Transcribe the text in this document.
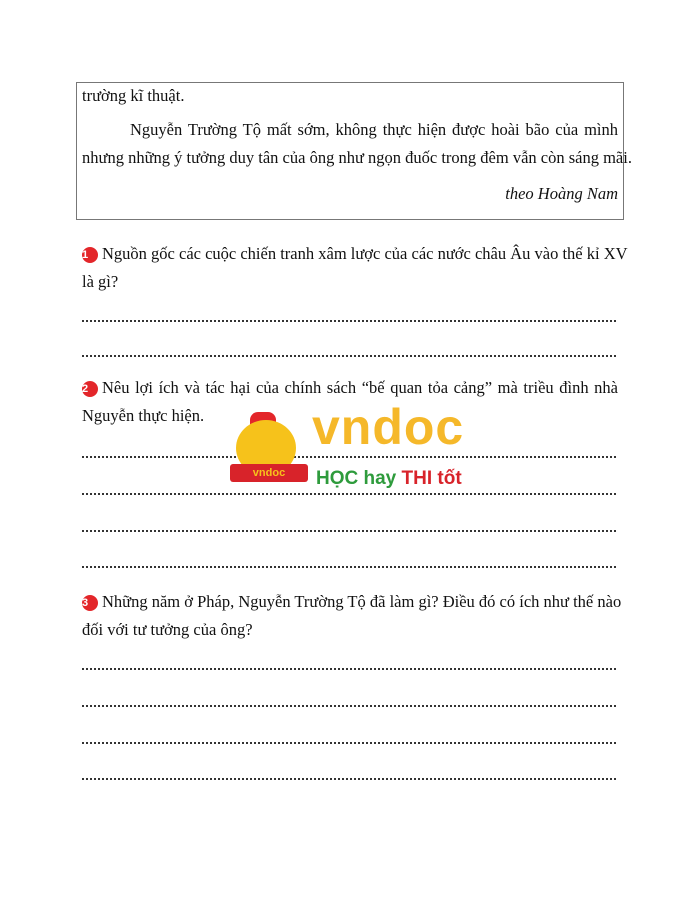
trường kĩ thuật.
Nguyễn Trường Tộ mất sớm, không thực hiện được hoài bão của mình
nhưng những ý tưởng duy tân của ông như ngọn đuốc trong đêm vẫn còn sáng mãi.
theo Hoàng Nam
1 Nguồn gốc các cuộc chiến tranh xâm lược của các nước châu Âu vào thế kỉ XV
là gì?
2 Nêu lợi ích và tác hại của chính sách “bế quan tỏa cảng” mà triều đình nhà
Nguyễn thực hiện.
vndoc
vndoc
HỌC hay THI tốt
3 Những năm ở Pháp, Nguyễn Trường Tộ đã làm gì? Điều đó có ích như thế nào
đối với tư tưởng của ông?
